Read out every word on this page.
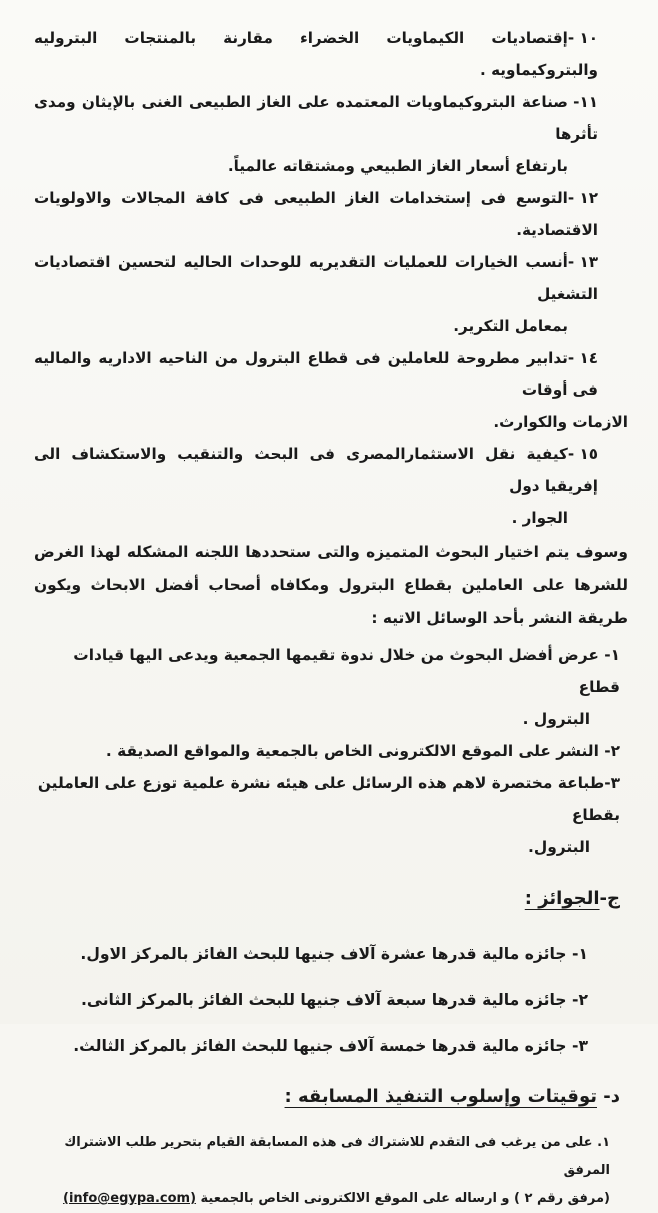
١٠ -إقتصاديات الكيماويات الخضراء مقارنة بالمنتجات البتروليه والبتروكيماويه .

١١-صناعة البتروكيماويات المعتمده على الغاز الطبيعى الغنى بالإيثان ومدى تأثرها

بارتفاع أسعار الغاز الطبيعي ومشتقاته عالمياً.

١٢ -التوسع فى إستخدامات الغاز الطبيعى فى كافة المجالات والاولويات الاقتصادية.

١٣ -أنسب الخيارات للعمليات التقديريه للوحدات الحاليه لتحسين اقتصاديات التشغيل

بمعامل التكرير.

١٤ -تدابير مطروحة للعاملين فى قطاع البترول من الناحيه الاداريه والماليه فى أوقات

الازمات والكوارث.

١٥ -كيفية نقل الاستثمارالمصرى فى البحث والتنقيب والاستكشاف الى إفريقيا دول

الجوار .

وسوف يتم اختيار البحوث المتميزه والتى ستحددها اللجنه المشكله لهذا الغرض للشرها على العاملين بقطاع البترول ومكافاه أصحاب أفضل الابحاث ويكون طريقة النشر بأحد الوسائل الاتيه :

١- عرض أفضل البحوث من خلال ندوة تقيمها الجمعية ويدعى اليها قيادات قطاع

البترول .

٢- النشر على الموقع الالكترونى الخاص بالجمعية والمواقع الصديقة .

٣-طباعة مختصرة لاهم هذه الرسائل على هيئه نشرة علمية توزع على العاملين بقطاع

البترول.

ج-الجوائز :

١- جائزه مالية قدرها عشرة آلاف جنيها للبحث الفائز بالمركز الاول.

٢- جائزه مالية قدرها سبعة آلاف جنيها للبحث الفائز بالمركز الثانى.

٣- جائزه مالية قدرها خمسة آلاف جنيها للبحث الفائز بالمركز الثالث.

د- توقيتات وإسلوب التنفيذ المسابقه :

١. على من يرغب فى التقدم للاشتراك فى هذه المسابقة القيام بتحرير طلب الاشتراك المرفق

(مرفق رقم ٢ ) و ارساله على الموقع الالكترونى الخاص بالجمعية (info@egypa.com)
